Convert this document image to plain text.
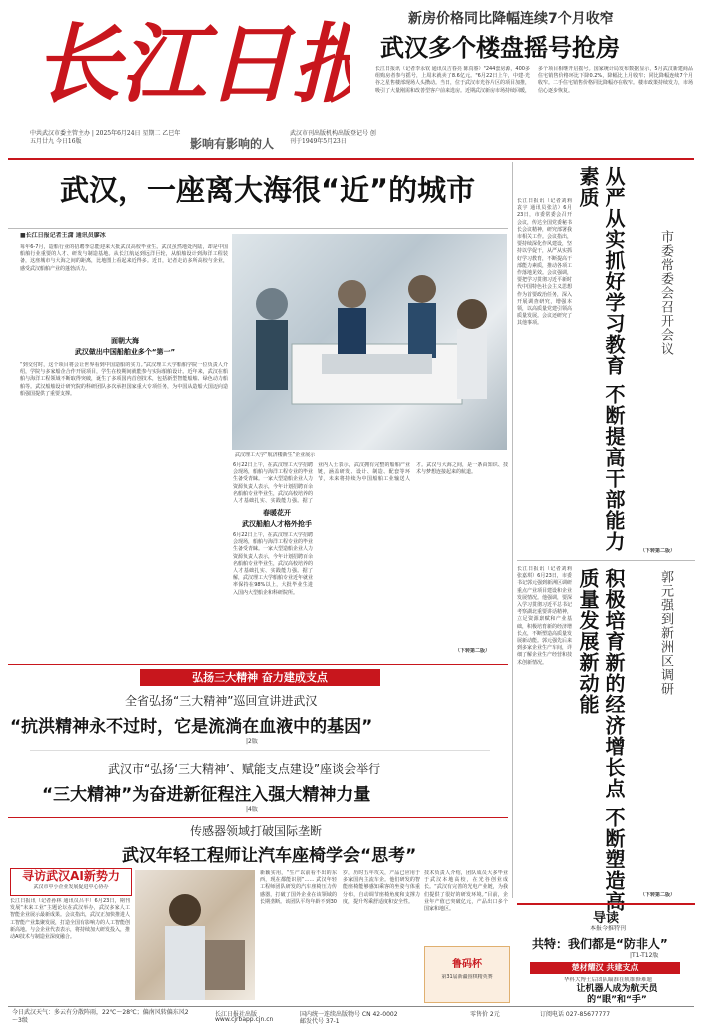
长江日报
中共武汉市委主管主办 | 2025年6月24日 星期二 乙巳年五月廿九 今日16版	影响有影响的人
武汉市刊出版机构出版登记号 创刊于1949年5月23日
新房价格同比降幅连续7个月收窄
武汉多个楼盘摇号抢房
长江日报讯（记者李永钦 通讯员吉春亮 陈真睿）"244套房源，400多组购房者参与摇号，上周末就卖了8.6亿元。"6月22日上午，中建·光谷之星售楼部现场人头攒动。当日，位于武汉市光谷片区的项目加推，吸引了大量刚需和改善型客户前来选房。近期武汉新房市场持续回暖，多个项目相继开启摇号。国家统计局发布数据显示，5月武汉新建商品住宅销售价格环比下降0.2%，降幅比上月收窄；同比降幅连续7个月收窄。二手住宅销售价格同比降幅亦在收窄。楼市政策持续发力，市场信心逐步恢复。
武汉，一座离大海很“近”的城市
■长江日报记者王潇 通讯员廖冰
每年6-7月，造船行业的招聘季总能迎来大批武汉高校毕业生。武汉虽然地处内陆，却是中国船舶行业重要的人才、研发与制造基地。从长江航运到远洋巨轮，从船舶设计到海洋工程装备，这座城市与大海之间的距离，比地图上看起来近得多。近日，记者走访多所高校与企业，感受武汉船舶产业的蓬勃活力。
面朝大海
武汉做出中国船舶业多个“第一”
“到交付时，这个项目将会让世界看到中国造船的实力。”武汉理工大学船舶学院一位负责人介绍，学院与多家船企合作开展项目，学生在校期间就能参与实际船舶设计。近年来，武汉在船舶与海洋工程领域不断取得突破，诞生了多项国内首创技术，包括新型智能船舶、绿色动力船舶等。武汉船舶设计研究院的科研团队多次承担国家重大专项任务，为中国从造船大国迈向造船强国提供了重要支撑。
武汉理工大学“航济楼新生”企业展示
6月22日上午，在武汉理工大学招聘会现场，船舶与海洋工程专业的毕业生备受青睐。一家大型造船企业人力资源负责人表示，今年计划招聘百余名船舶专业毕业生，武汉高校培养的人才基础扎实、实践能力强。据了
春暖花开
武汉船舶人才格外抢手
6月22日上午，在武汉理工大学招聘会现场，船舶与海洋工程专业的毕业生备受青睐。一家大型造船企业人力资源负责人表示，今年计划招聘百余名船舶专业毕业生，武汉高校培养的人才基础扎实、实践能力强。据了解，武汉理工大学船舶专业近年就业率保持在98%以上，大批毕业生进入国内大型船企和科研院所。
业内人士表示，武汉拥有完整的船舶产业链，涵盖研发、设计、制造、配套等环节，未来将持续为中国船舶工业输送人才。武汉与大海之间，是一条由知识、技术与梦想连接起来的航道。
（下转第二版）
长江日报讯（记者刘莉 袁宇 通讯员张洁）6月23日，市委常委会召开会议，传达全国党委秘书长会议精神，研究部署我市相关工作。会议指出，要持续深化作风建设，坚持以学促干，从严从实抓好学习教育，不断提高干部能力素质，推动各项工作落地见效。会议强调，要把学习贯彻习近平新时代中国特色社会主义思想作为首要政治任务，深入开展调查研究，增强本领，以高质量党建引领高质量发展。会议还研究了其他事项。	从严从实抓好学习教育 不断提高干部能力素质
市委常委会召开会议
（下转第二版）
长江日报讯（记者刘莉 张嘉琪）6月23日，市委书记郭元强到新洲区调研重点产业项目建设和企业发展情况。他强调，要深入学习贯彻习近平总书记考察湖北重要讲话精神，立足资源禀赋和产业基础，积极培育新的经济增长点，不断塑造高质量发展新动能。郭元强先后来到多家企业生产车间，详细了解企业生产经营和技术创新情况。	积极培育新的经济增长点 不断塑造高质量发展新动能	郭元强到新洲区调研
（下转第二版）
弘扬三大精神 奋力建成支点
全省弘扬“三大精神”巡回宣讲进武汉
“抗洪精神永不过时，它是流淌在血液中的基因”
|2版
武汉市“弘扬‘三大精神’、赋能支点建设”座谈会举行
“三大精神”为奋进新征程注入强大精神力量
|4版
传感器领域打破国际垄断
武汉年轻工程师让汽车座椅学会“思考”
寻访武汉AI新势力
武汉市中小企业发展促进中心协办
长江日报讯（记者孙林 通讯员吕丰）6月23日，期刊发展“未来工业”主题论坛在武汉举办，武汉多家人工智能企业展示最新成果。会议指出，武汉正加快推进人工智能产业集聚发展，打造全国有影响力的人工智能创新高地。与会企业代表表示，将持续加大研发投入，推动AI技术与制造业深度融合。
新颖实用，“生产以前看不出的东西，现在都能识别”…… 武汉年轻工程师团队研发的汽车座椅压力传感器，打破了国外企业在该领域的长期垄断。该团队平均年龄不到30岁，历时五年攻关，产品已应用于多家国内主流车企。他们研发的智能座椅能够感知乘客的坐姿与体重分布，自动调节座椅角度和支撑力度，提升驾乘舒适度和安全性。
技术负责人介绍，团队成员大多毕业于武汉本地高校，在光谷创业成长。“武汉有完善的光电产业链，为我们提供了很好的研发环境。”目前，企业年产值已突破亿元，产品出口多个国家和地区。
鲁码杯
第31届新疆围棋精英赛
导读
本报今推特刊
共特：我们都是“防非人”
|T1-T12版
楚材耀汉 共建支点
华科大博士后团队瞄准在轨维修难题
让机器人成为航天员的“眼”和“手”
今日武汉天气：多云有分散阵雨，22℃～28℃；偏南风转偏东风2～3级
长江日报社出版
www.cjrbapp.cjn.cn
国内统一连续出版物号 CN 42-0002
邮发代号 37-1
零售价 2元	订阅电话 027-85677777
